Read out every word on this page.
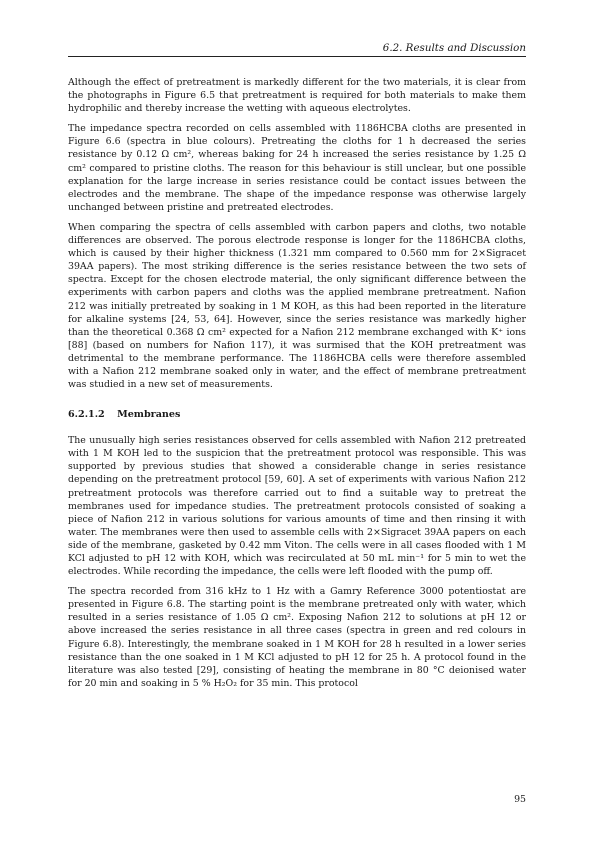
6.2. Results and Discussion

Although the effect of pretreatment is markedly different for the two materials, it is clear from the photographs in Figure 6.5 that pretreatment is required for both materials to make them hydrophilic and thereby increase the wetting with aqueous electrolytes.

The impedance spectra recorded on cells assembled with 1186HCBA cloths are presented in Figure 6.6 (spectra in blue colours). Pretreating the cloths for 1 h decreased the series resistance by 0.12 Ω cm², whereas baking for 24 h increased the series resistance by 1.25 Ω cm² compared to pristine cloths. The reason for this behaviour is still unclear, but one possible explanation for the large increase in series resistance could be contact issues between the electrodes and the membrane. The shape of the impedance response was otherwise largely unchanged between pristine and pretreated electrodes.

When comparing the spectra of cells assembled with carbon papers and cloths, two notable differences are observed. The porous electrode response is longer for the 1186HCBA cloths, which is caused by their higher thickness (1.321 mm compared to 0.560 mm for 2×Sigracet 39AA papers). The most striking difference is the series resistance between the two sets of spectra. Except for the chosen electrode material, the only significant difference between the experiments with carbon papers and cloths was the applied membrane pretreatment. Nafion 212 was initially pretreated by soaking in 1 M KOH, as this had been reported in the literature for alkaline systems [24, 53, 64]. However, since the series resistance was markedly higher than the theoretical 0.368 Ω cm² expected for a Nafion 212 membrane exchanged with K⁺ ions [88] (based on numbers for Nafion 117), it was surmised that the KOH pretreatment was detrimental to the membrane performance. The 1186HCBA cells were therefore assembled with a Nafion 212 membrane soaked only in water, and the effect of membrane pretreatment was studied in a new set of measurements.

6.2.1.2 Membranes

The unusually high series resistances observed for cells assembled with Nafion 212 pretreated with 1 M KOH led to the suspicion that the pretreatment protocol was responsible. This was supported by previous studies that showed a considerable change in series resistance depending on the pretreatment protocol [59, 60]. A set of experiments with various Nafion 212 pretreatment protocols was therefore carried out to find a suitable way to pretreat the membranes used for impedance studies. The pretreatment protocols consisted of soaking a piece of Nafion 212 in various solutions for various amounts of time and then rinsing it with water. The membranes were then used to assemble cells with 2×Sigracet 39AA papers on each side of the membrane, gasketed by 0.42 mm Viton. The cells were in all cases flooded with 1 M KCl adjusted to pH 12 with KOH, which was recirculated at 50 mL min⁻¹ for 5 min to wet the electrodes. While recording the impedance, the cells were left flooded with the pump off.

The spectra recorded from 316 kHz to 1 Hz with a Gamry Reference 3000 potentiostat are presented in Figure 6.8. The starting point is the membrane pretreated only with water, which resulted in a series resistance of 1.05 Ω cm². Exposing Nafion 212 to solutions at pH 12 or above increased the series resistance in all three cases (spectra in green and red colours in Figure 6.8). Interestingly, the membrane soaked in 1 M KOH for 28 h resulted in a lower series resistance than the one soaked in 1 M KCl adjusted to pH 12 for 25 h. A protocol found in the literature was also tested [29], consisting of heating the membrane in 80 °C deionised water for 20 min and soaking in 5 % H₂O₂ for 35 min. This protocol

95
